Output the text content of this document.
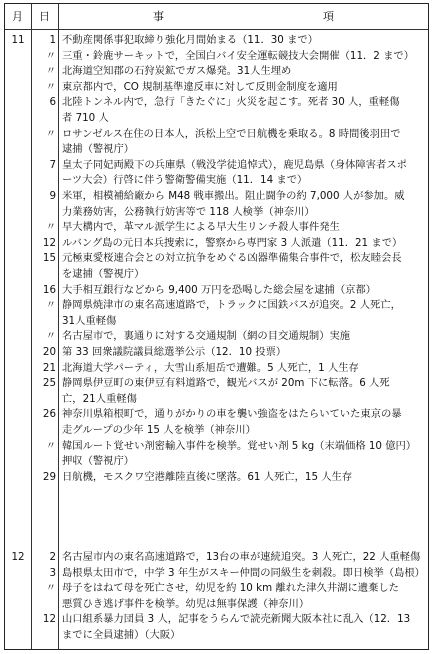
月	日	事	項
11	1 不動産関係事犯取締り強化月間始まる（11．30 まで）
〃 三重・鈴鹿サーキットで，全国白バイ安全運転競技大会開催（11．2 まで）
〃 北海道空知郡の石狩炭鉱でガス爆発。31人生埋め
〃 東京都内で，CO 規制基準違反車に対して反則金制度を適用
6 北陸トンネル内で，急行「きたぐに」火災を起こす。死者 30 人，重軽傷
者 710 人
〃 ロサンゼルス在住の日本人，浜松上空で日航機を乗取る。8 時間後羽田で
逮捕（警視庁）
7 皇太子同妃両殿下の兵庫県（戦没学徒追悼式），鹿児島県（身体障害者スポ
ーツ大会）行啓に伴う警衛警備実施（11．14 まで）
9 米軍，相模補給廠から M48 戦車搬出。阻止闘争の約 7,000 人が参加。威
力業務妨害，公務執行妨害等で 118 人検挙（神奈川）
〃 早大構内で，革マル派学生による早大生リンチ殺人事件発生
12 ルバング島の元日本兵捜索に，警察から専門家 3 人派遣（11．21 まで）
15 元極東愛桜連合会との対立抗争をめぐる凶器準備集合事件で，松友睦会長
を逮捕（警視庁）
16 大手相互銀行などから 9,400 万円を恐喝した総会屋を逮捕（京都）
〃 静岡県焼津市の東名高速道路で，トラックに国鉄バスが追突。2 人死亡，
31人重軽傷
〃 名古屋市で，裏通りに対する交通規制（網の目交通規制）実施
20 第 33 回衆議院議員総選挙公示（12．10 投票）
21 北海道大学パーティ，大雪山系旭岳で遭難。5 人死亡，1 人生存
25 静岡県伊豆町の東伊豆有料道路で，観光バスが 20m 下に転落。6 人死
亡，21人重軽傷
26 神奈川県箱根町で，通りがかりの車を襲い強盗をはたらいていた東京の暴
走グループの少年 15 人を検挙（神奈川）
〃 韓国ルート覚せい剤密輸入事件を検挙。覚せい剤 5 kg（末端価格 10 億円）
押収（警視庁）
29 日航機，モスクワ空港離陸直後に墜落。61 人死亡，15 人生存
12	2 名古屋市内の東名高速道路で，13台の車が連続追突。3 人死亡，22 人重軽傷
3 島根県太田市で，中学 3 年生がスキー仲間の同級生を刺殺。即日検挙（島根）
〃 母子をはねて母を死亡させ，幼児を約 10 km 離れた津久井湖に遺棄した
悪質ひき逃げ事件を検挙。幼児は無事保護（神奈川）
12 山口組系暴力団員 3 人，記事をうらんで読売新聞大阪本社に乱入（12．13
までに全員逮捕）（大阪）
